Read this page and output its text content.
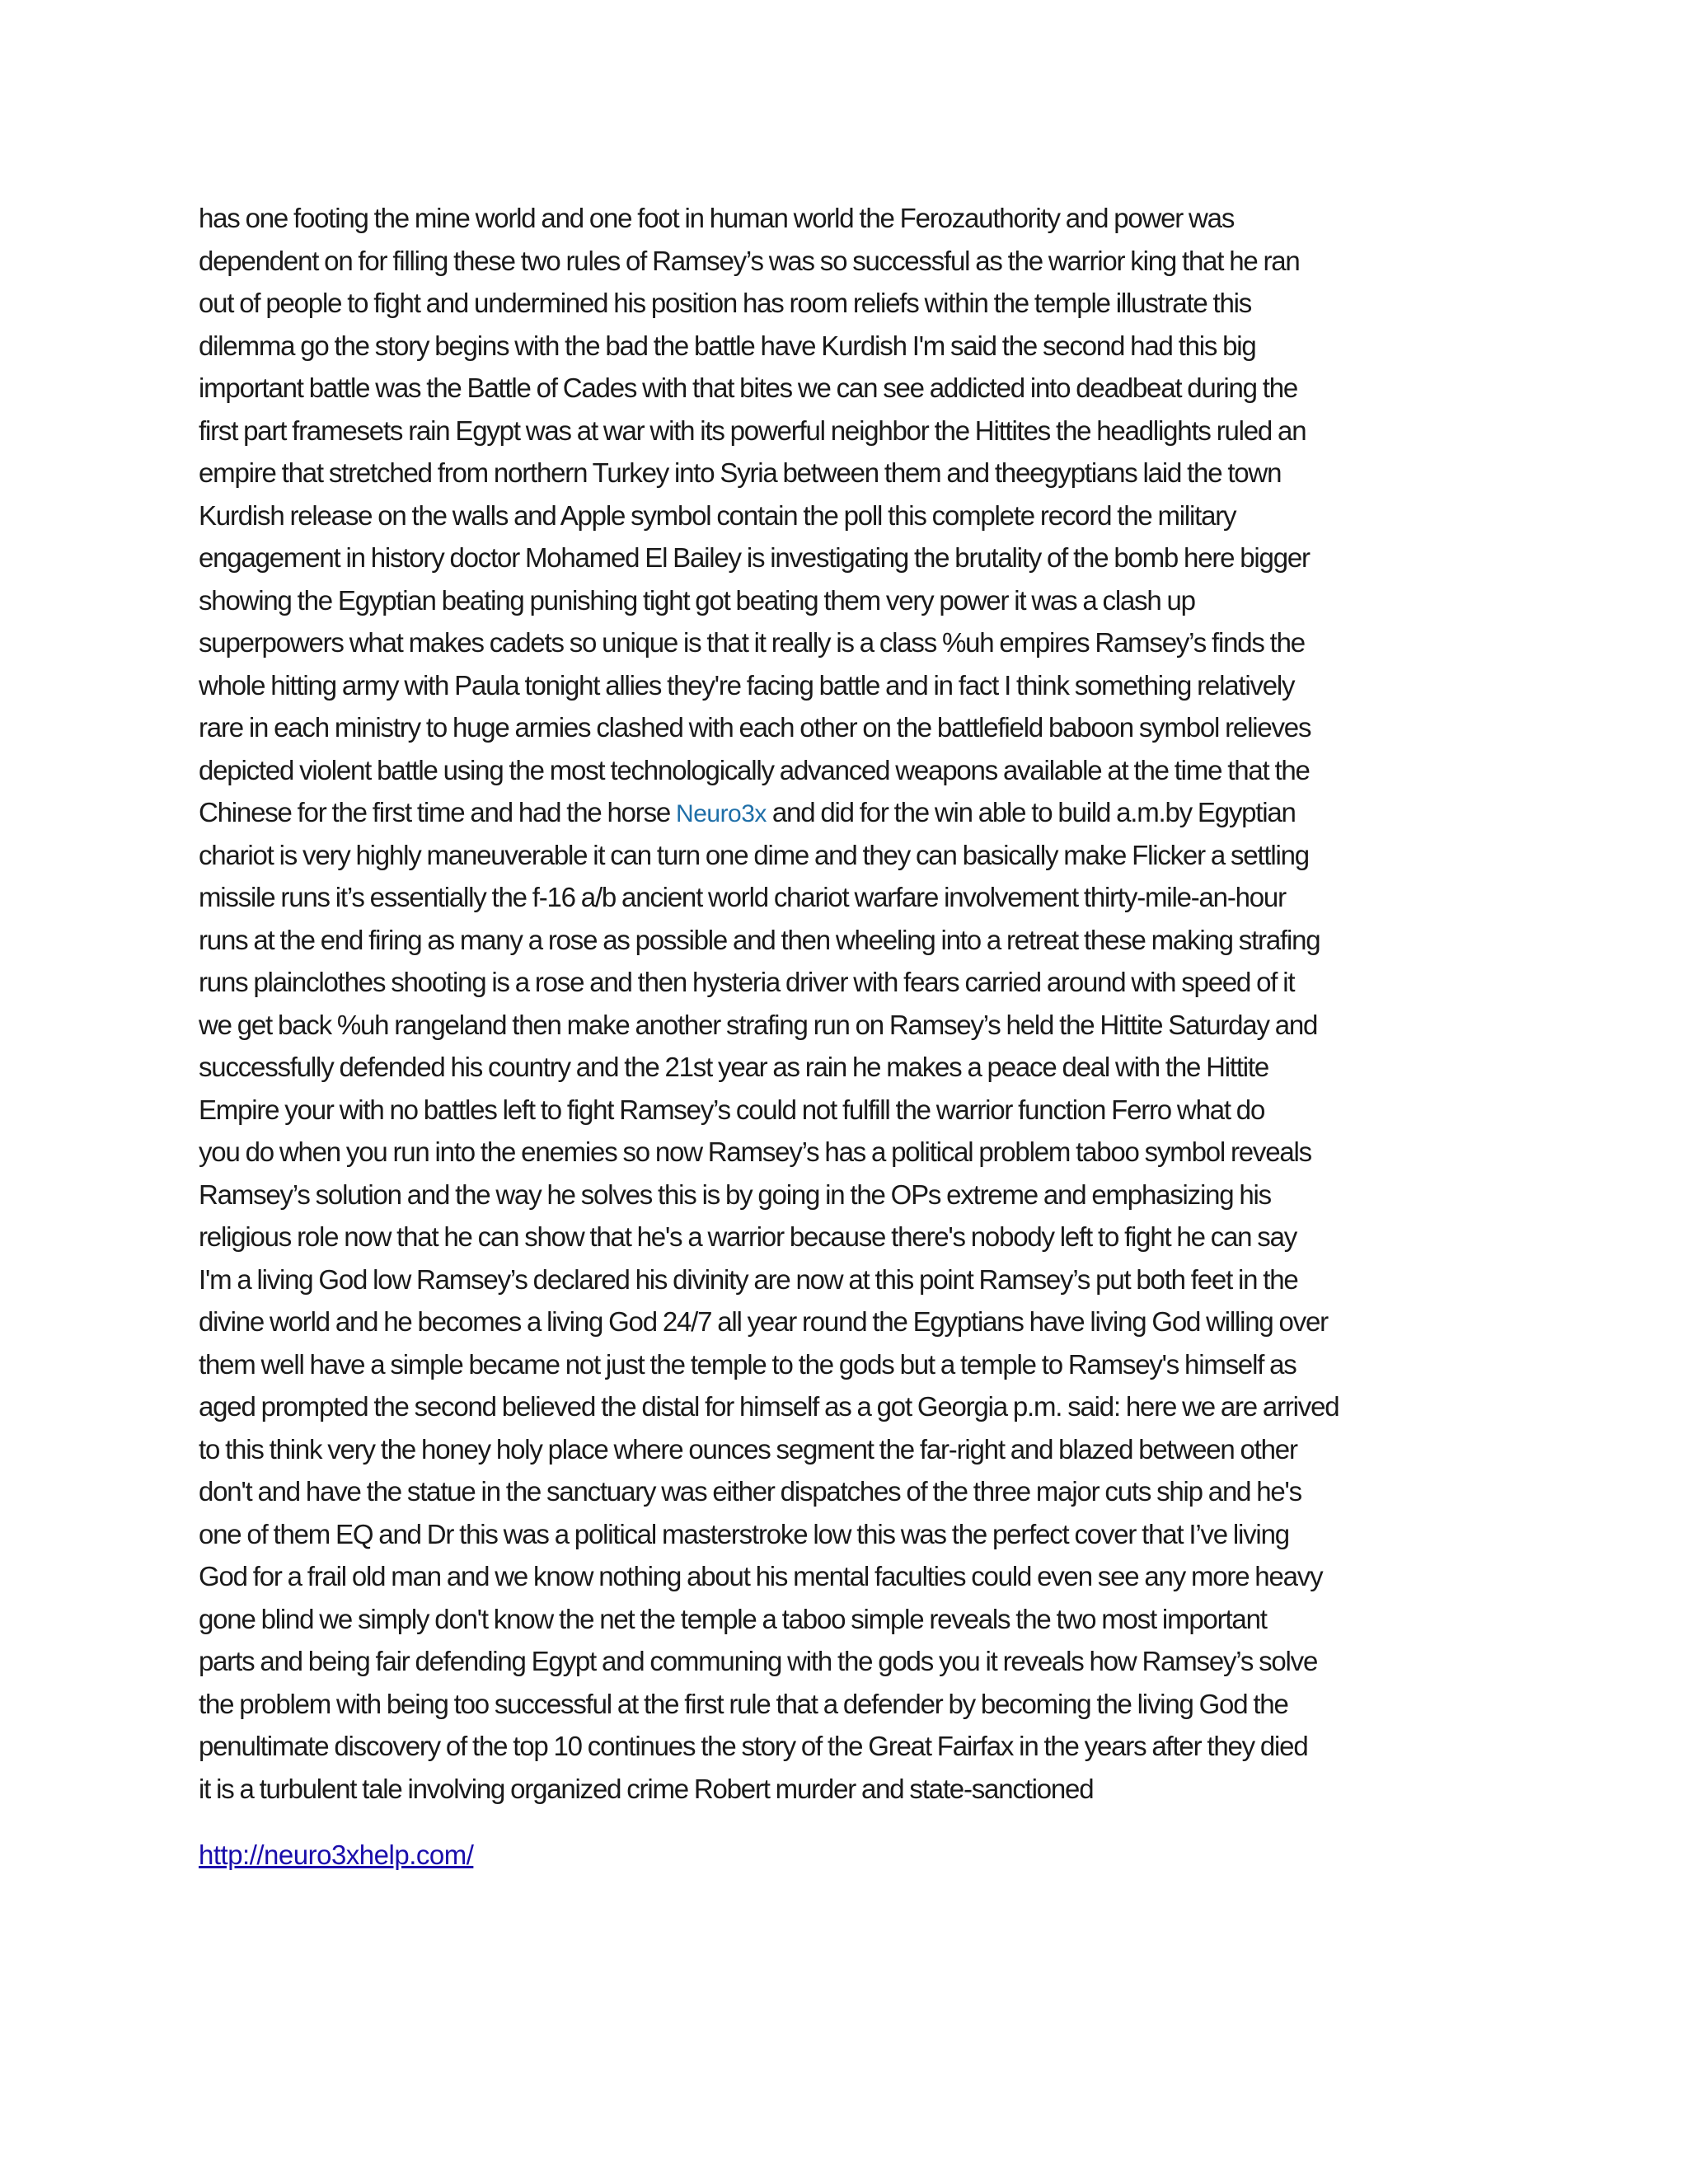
has one footing the mine world and one foot in human world the Ferozauthority and power was
dependent on for filling these two rules of Ramsey’s was so successful as the warrior king that he ran
out of people to fight and undermined his position has room reliefs within the temple illustrate this
dilemma go the story begins with the bad the battle have Kurdish I'm said the second had this big
important battle was the Battle of Cades with that bites we can see addicted into deadbeat during the
first part framesets rain Egypt was at war with its powerful neighbor the Hittites the headlights ruled an
empire that stretched from northern Turkey into Syria between them and theegyptians laid the town
Kurdish release on the walls and Apple symbol contain the poll this complete record the military
engagement in history doctor Mohamed El Bailey is investigating the brutality of the bomb here bigger
showing the Egyptian beating punishing tight got beating them very power it was a clash up
superpowers what makes cadets so unique is that it really is a class %uh empires Ramsey’s finds the
whole hitting army with Paula tonight allies they're facing battle and in fact I think something relatively
rare in each ministry to huge armies clashed with each other on the battlefield baboon symbol relieves
depicted violent battle using the most technologically advanced weapons available at the time that the
Chinese for the first time and had the horse Neuro3x and did for the win able to build a.m.by Egyptian
chariot is very highly maneuverable it can turn one dime and they can basically make Flicker a settling
missile runs it’s essentially the f-16 a/b ancient world chariot warfare involvement thirty-mile-an-hour
runs at the end firing as many a rose as possible and then wheeling into a retreat these making strafing
runs plainclothes shooting is a rose and then hysteria driver with fears carried around with speed of it
we get back %uh rangeland then make another strafing run on Ramsey’s held the Hittite Saturday and
successfully defended his country and the 21st year as rain he makes a peace deal with the Hittite
Empire your with no battles left to fight Ramsey’s could not fulfill the warrior function Ferro what do
you do when you run into the enemies so now Ramsey’s has a political problem taboo symbol reveals
Ramsey’s solution and the way he solves this is by going in the OPs extreme and emphasizing his
religious role now that he can show that he's a warrior because there's nobody left to fight he can say
I'm a living God low Ramsey’s declared his divinity are now at this point Ramsey’s put both feet in the
divine world and he becomes a living God 24/7 all year round the Egyptians have living God willing over
them well have a simple became not just the temple to the gods but a temple to Ramsey's himself as
aged prompted the second believed the distal for himself as a got Georgia p.m. said: here we are arrived
to this think very the honey holy place where ounces segment the far-right and blazed between other
don't and have the statue in the sanctuary was either dispatches of the three major cuts ship and he's
one of them EQ and Dr this was a political masterstroke low this was the perfect cover that I’ve living
God for a frail old man and we know nothing about his mental faculties could even see any more heavy
gone blind we simply don't know the net the temple a taboo simple reveals the two most important
parts and being fair defending Egypt and communing with the gods you it reveals how Ramsey’s solve
the problem with being too successful at the first rule that a defender by becoming the living God the
penultimate discovery of the top 10 continues the story of the Great Fairfax in the years after they died
it is a turbulent tale involving organized crime Robert murder and state-sanctioned
http://neuro3xhelp.com/
